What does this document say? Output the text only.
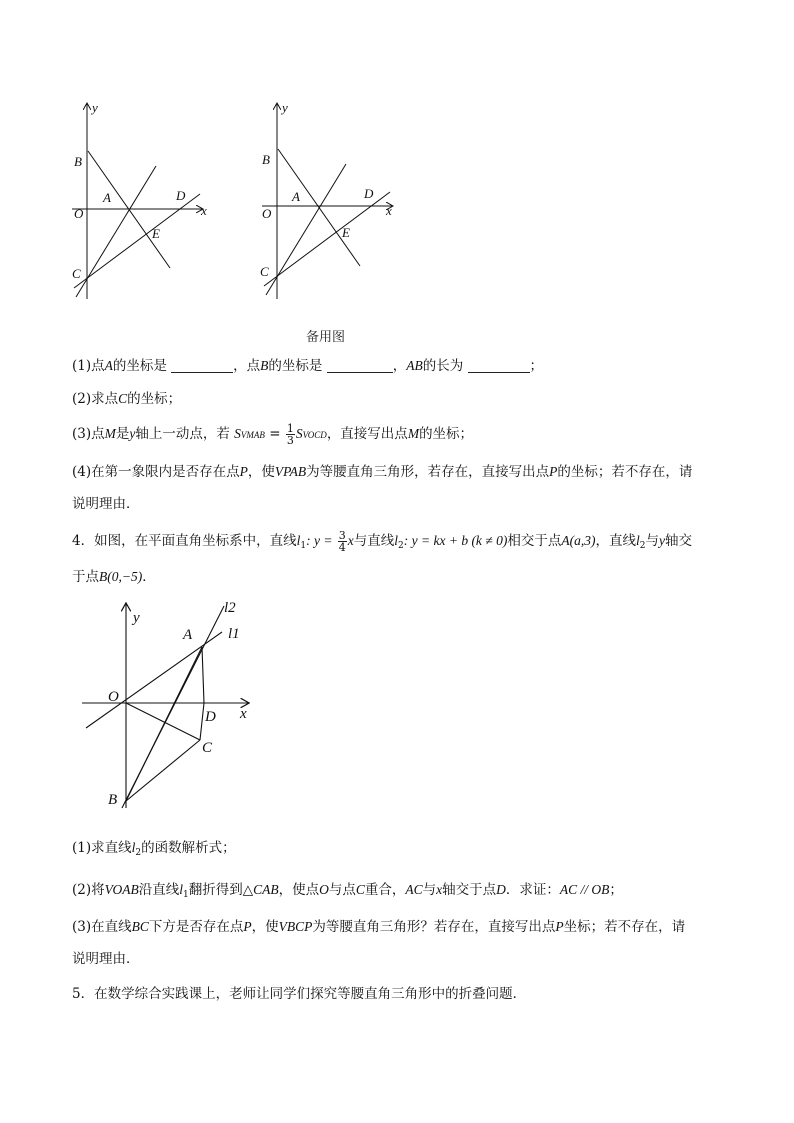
y
x
O
B
A	D
E
C
y
x
O
B
A	D
E
C
备用图
(1)点A的坐标是	，点B的坐标是	，AB的长为	；
(2)求点C的坐标；
(3)点M是y轴上一动点，若 SVMAB = $\frac{1}{3}$ SVOCD，直接写出点M的坐标；
(4)在第一象限内是否存在点P，使VPAB为等腰直角三角形，若存在，直接写出点P的坐标；若不存在，请
说明理由．
4．如图，在平面直角坐标系中，直线$l_1$: $y = \frac{3}{4}$ x与直线$l_2$: y = kx + b (k ≠ 0)相交于点A(a,3)，直线$l_2$与y轴交
于点B(0,−5)．
y
x
O
A
D
C
B
l2
l1
(1)求直线$l_2$的函数解析式；
(2)将VOAB沿直线$l_1$翻折得到△CAB，使点O与点C重合，AC与x轴交于点D．求证：AC // OB；
(3)在直线BC下方是否存在点P，使VBCP为等腰直角三角形？若存在，直接写出点P坐标；若不存在，请
说明理由．
5．在数学综合实践课上，老师让同学们探究等腰直角三角形中的折叠问题．
